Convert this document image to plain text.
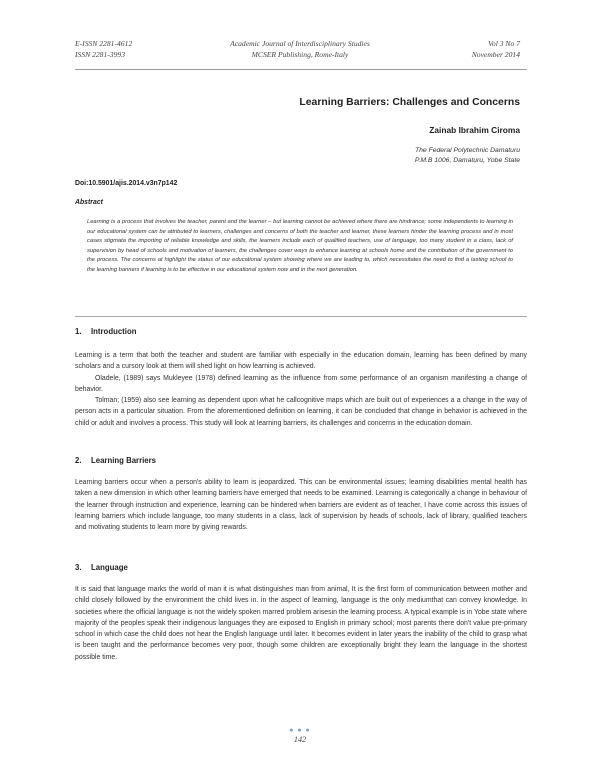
E-ISSN 2281-4612
ISSN 2281-3993
Academic Journal of Interdisciplinary Studies
MCSER Publishing, Rome-Italy
Vol 3 No 7
November 2014
Learning Barriers: Challenges and Concerns
Zainab Ibrahim Ciroma
The Federal Polytechnic Damaturu
P.M.B 1006, Damaturu, Yobe State
Doi:10.5901/ajis.2014.v3n7p142
Abstract
Learning is a process that involves the teacher, parent and the learner – but learning cannot be achieved where there are hindrance; some independents to learning in our educational system can be attributed to learners, challenges and concerns of both the teacher and learner, these learners hinder the learning process and in most cases stigmata the importing of reliable knowledge and skills, the learners include each of qualified teachers, use of language, too many student in a class, lack of supervision by head of schools and motivation of learners, the challenges cover ways to enhance learning at schools home and the contribution of the government to the process. The concerns at highlight the status of our educational system showing where we are leading to, which necessitates the need to find a lasting school to the learning banners if learning is to be effective in our educational system now and in the next generation.
1. Introduction

Learning is a term that both the teacher and student are familiar with especially in the education domain, learning has been defined by many scholars and a cursory look at them will shed light on how learning is achieved.

Oladele, (1989) says Mukleyee (1978) defined learning as the influence from some performance of an organism manifesting a change of behavior.

Tolman; (1959) also see learning as dependent upon what he callcognitive maps which are built out of experiences a a change in the way of person acts in a particular situation. From the aforementioned definition on learning, it can be concluded that change in behavior is achieved in the child or adult and involves a process. This study will look at learning barriers, its challenges and concerns in the education domain.

2. Learning Barriers

Learning barriers occur when a person's ability to learn is jeopardized. This can be environmental issues; learning disabilities mental health has taken a new dimension in which other learning barriers have emerged that needs to be examined. Learning is categorically a change in behaviour of the learner through instruction and experience, learning can be hindered when barriers are evident as of teacher, I have come across this issues of learning barriers which include language, too many students in a class, lack of supervision by heads of schools, lack of library, qualified teachers and motivating students to learn more by giving rewards.

3. Language

It is said that language marks the world of man it is what distinguishes man from animal, It is the first form of communication between mother and child closely followed by the environment the child lives in. in the aspect of learning, language is the only mediumthat can convey knowledge. In societies where the official language is not the widely spoken marred problem arisesin the learning process. A typical example is in Yobe state where majority of the peoples speak their indigenous languages they are exposed to English in primary school; most parents there don't value pre-primary school in which case the child does not hear the English language until later. It becomes evident in later years the inability of the child to grasp what is been taught and the performance becomes very poor, though some children are exceptionally bright they learn the language in the shortest possible time.

● ● ●
142
